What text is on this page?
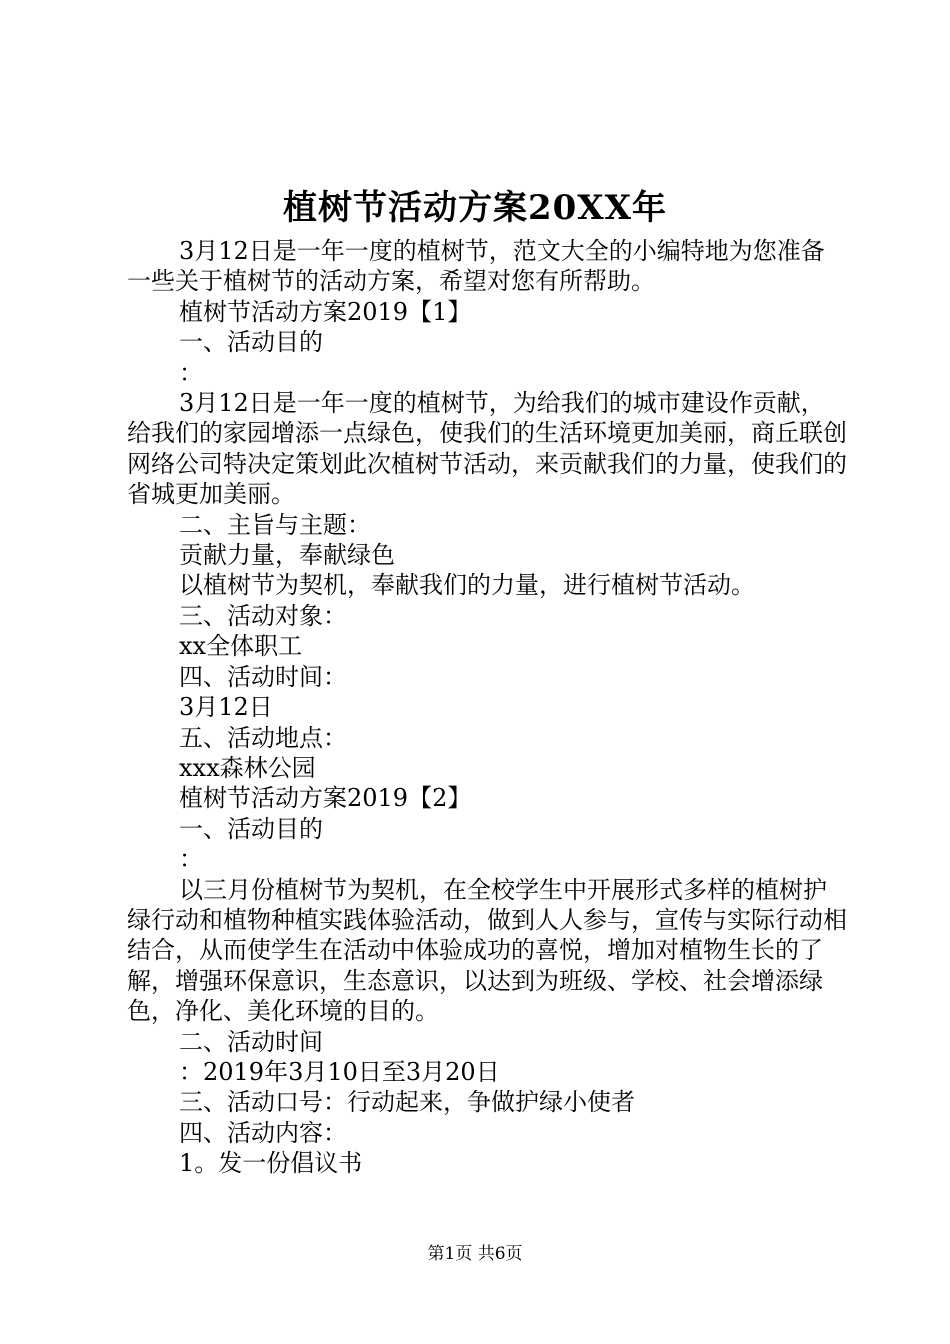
植树节活动方案20XX年

3月12日是一年一度的植树节，范文大全的小编特地为您准备一些关于植树节的活动方案，希望对您有所帮助。

植树节活动方案2019【1】

一、活动目的

：

3月12日是一年一度的植树节，为给我们的城市建设作贡献，给我们的家园增添一点绿色，使我们的生活环境更加美丽，商丘联创网络公司特决定策划此次植树节活动，来贡献我们的力量，使我们的省城更加美丽。

二、主旨与主题：

贡献力量，奉献绿色

以植树节为契机，奉献我们的力量，进行植树节活动。

三、活动对象：

xx全体职工

四、活动时间：

3月12日

五、活动地点：

xxx森林公园

植树节活动方案2019【2】

一、活动目的

：

以三月份植树节为契机，在全校学生中开展形式多样的植树护绿行动和植物种植实践体验活动，做到人人参与，宣传与实际行动相结合，从而使学生在活动中体验成功的喜悦，增加对植物生长的了解，增强环保意识，生态意识，以达到为班级、学校、社会增添绿色，净化、美化环境的目的。

二、活动时间

：2019年3月10日至3月20日

三、活动口号：行动起来，争做护绿小使者

四、活动内容：

1。发一份倡议书

第1页 共6页
